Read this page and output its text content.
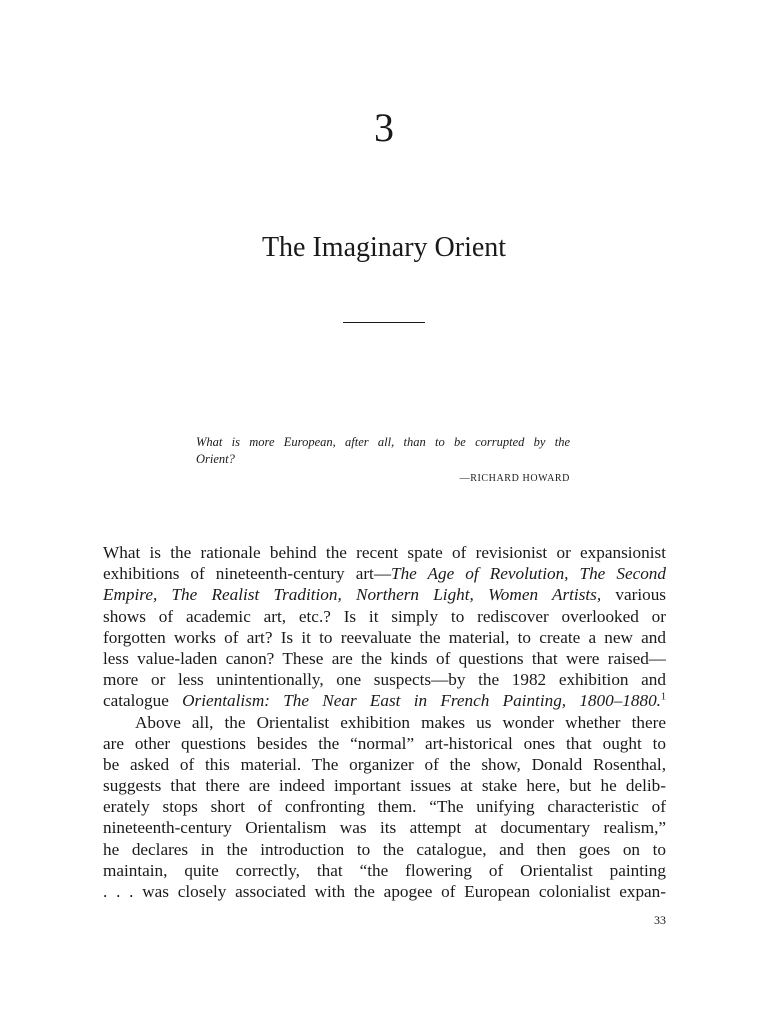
3
The Imaginary Orient
What is more European, after all, than to be corrupted by the
Orient?
—RICHARD HOWARD
What is the rationale behind the recent spate of revisionist or expansionist
exhibitions of nineteenth-century art—The Age of Revolution, The Second
Empire, The Realist Tradition, Northern Light, Women Artists, various
shows of academic art, etc.? Is it simply to rediscover overlooked or
forgotten works of art? Is it to reevaluate the material, to create a new and
less value-laden canon? These are the kinds of questions that were raised—
more or less unintentionally, one suspects—by the 1982 exhibition and
catalogue Orientalism: The Near East in French Painting, 1800–1880.$^1$
Above all, the Orientalist exhibition makes us wonder whether there
are other questions besides the “normal” art-historical ones that ought to
be asked of this material. The organizer of the show, Donald Rosenthal,
suggests that there are indeed important issues at stake here, but he delib-
erately stops short of confronting them. “The unifying characteristic of
nineteenth-century Orientalism was its attempt at documentary realism,”
he declares in the introduction to the catalogue, and then goes on to
maintain, quite correctly, that “the flowering of Orientalist painting
. . . was closely associated with the apogee of European colonialist expan-
33
